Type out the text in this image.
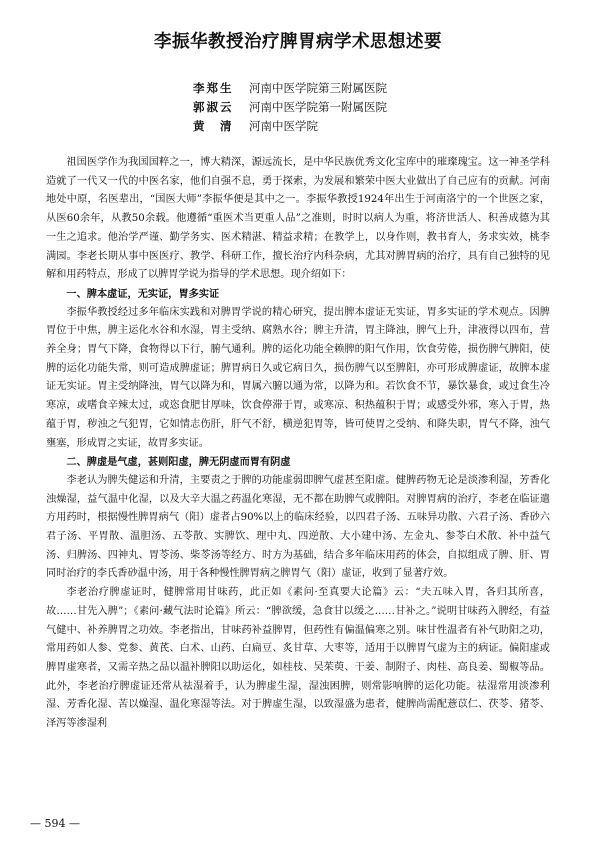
李振华教授治疗脾胃病学术思想述要
李郑生 河南中医学院第三附属医院
郭淑云 河南中医学院第一附属医院
黄　清 河南中医学院

祖国医学作为我国国粹之一，博大精深，源远流长，是中华民族优秀文化宝库中的璀璨瑰宝。这一神圣学科造就了一代又一代的中医名家，他们自强不息，勇于探索，为发展和繁荣中医大业做出了自己应有的贡献。河南地处中原，名医辈出，“国医大师”李振华便是其中之一。李振华教授1924年出生于河南洛宁的一个世医之家，从医60余年，从教50余载。他遵循“重医术当更重人品”之准则，时时以病人为重，将济世活人、积善成德为其一生之追求。他治学严谨、勤学务实、医术精湛、精益求精；在教学上，以身作则，教书育人，务求实效，桃李满园。李老长期从事中医医疗、教学、科研工作，擅长治疗内科杂病，尤其对脾胃病的治疗，具有自己独特的见解和用药特点，形成了以脾胃学说为指导的学术思想。现介绍如下：

一、脾本虚证，无实证，胃多实证

李振华教授经过多年临床实践和对脾胃学说的精心研究，提出脾本虚证无实证，胃多实证的学术观点。因脾胃位于中焦，脾主运化水谷和水湿，胃主受纳、腐熟水谷；脾主升清，胃主降浊，脾气上升，津液得以四布，营养全身；胃气下降，食物得以下行，腑气通利。脾的运化功能全赖脾的阳气作用，饮食劳倦，损伤脾气脾阳，使脾的运化功能失常，则可造成脾虚证；脾胃病日久或它病日久，损伤脾气以至脾阳，亦可形成脾虚证，故脾本虚证无实证。胃主受纳降浊，胃气以降为和，胃属六腑以通为常，以降为和。若饮食不节，暴饮暴食，或过食生冷寒凉，或嗜食辛辣太过，或恣食肥甘厚味，饮食停滞于胃，或寒凉、积热蕴积于胃；或感受外邪，寒入于胃，热蕴于胃，秽浊之气犯胃，它如情志伤肝，肝气不舒，横逆犯胃等，皆可使胃之受纳、和降失职，胃气不降，浊气壅塞，形成胃之实证，故胃多实证。

二、脾虚是气虚，甚则阳虚，脾无阴虚而胃有阴虚

李老认为脾失健运和升清，主要责之于脾的功能虚弱即脾气虚甚至阳虚。健脾药物无论是淡渗利湿，芳香化浊燥湿，益气温中化湿，以及大辛大温之药温化寒湿，无不都在助脾气或脾阳。对脾胃病的治疗，李老在临证遣方用药时，根据慢性脾胃病气（阳）虚者占90%以上的临床经验，以四君子汤、五味异功散、六君子汤、香砂六君子汤、平胃散、温胆汤、五苓散、实脾饮、理中丸、四逆散、大小建中汤、左金丸、参苓白术散、补中益气汤、归脾汤、四神丸、胃苓汤、柴苓汤等经方、时方为基础，结合多年临床用药的体会，自拟组成了脾、肝、胃同时治疗的李氏香砂温中汤，用于各种慢性脾胃病之脾胃气（阳）虚证，收到了显著疗效。

李老治疗脾虚证时，健脾常用甘味药，此正如《素问·至真要大论篇》云：“夫五味入胃，各归其所喜，故……甘先入脾”；《素问·藏气法时论篇》所云：“脾欲缓，急食甘以缓之……甘补之。”说明甘味药入脾经，有益气健中、补养脾胃之功效。李老指出，甘味药补益脾胃，但药性有偏温偏寒之别。味甘性温者有补气助阳之功，常用药如人参、党参、黄芪、白术、山药、白扁豆、炙甘草、大枣等，适用于以脾胃气虚为主的病证。偏阳虚或脾胃虚寒者，又需辛热之品以温补脾阳以助运化，如桂枝、吴茱萸、干姜、制附子、肉桂、高良姜、蜀椒等品。此外，李老治疗脾虚证还常从祛湿着手，认为脾虚生湿，湿浊困脾，则常影响脾的运化功能。祛湿常用淡渗利湿、芳香化湿、苦以燥湿、温化寒湿等法。对于脾虚生湿，以致湿盛为患者，健脾尚需配薏苡仁、茯苓、猪苓、泽泻等渗湿利

— 594 —
